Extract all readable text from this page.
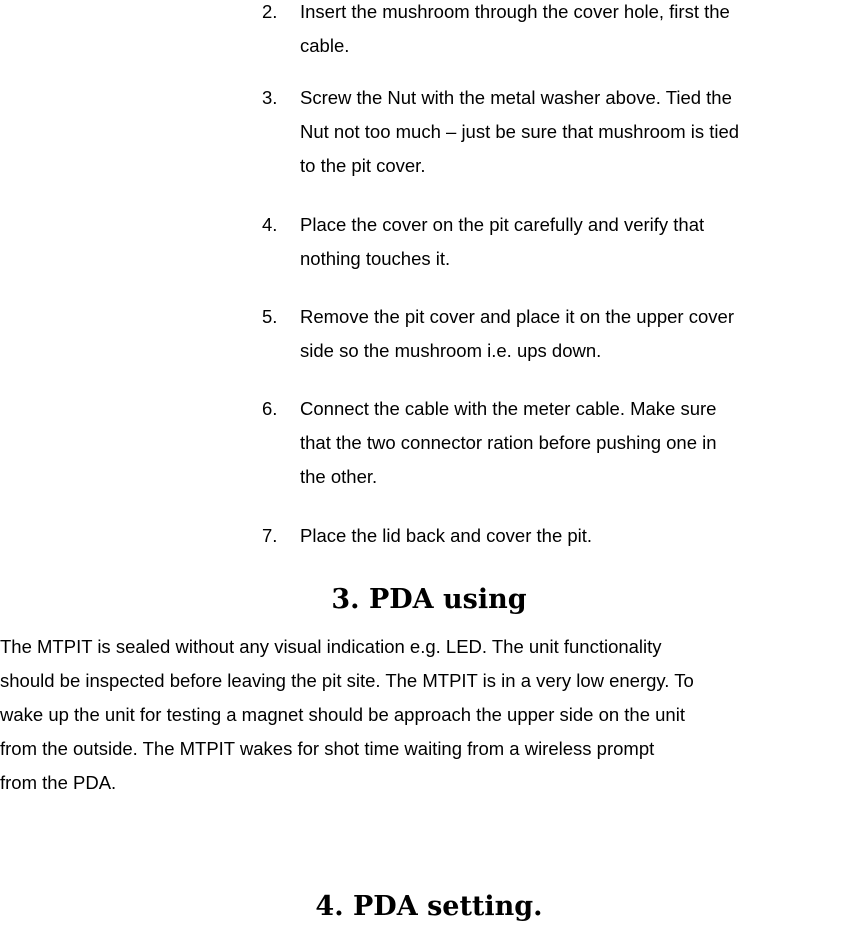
2. Insert the mushroom through the cover hole, first the
cable.
3. Screw the Nut with the metal washer above. Tied the
Nut not too much – just be sure that mushroom is tied
to the pit cover.
4. Place the cover on the pit carefully and verify that
nothing touches it.
5. Remove the pit cover and place it on the upper cover
side so the mushroom i.e. ups down.
6. Connect the cable with the meter cable. Make sure
that the two connector ration before pushing one in
the other.
7. Place the lid back and cover the pit.
3. PDA using
The MTPIT is sealed without any visual indication e.g. LED. The unit functionality
should be inspected before leaving the pit site. The MTPIT is in a very low energy. To
wake up the unit for testing a magnet should be approach the upper side on the unit
from the outside. The MTPIT wakes for shot time waiting from a wireless prompt
from the PDA.
4. PDA setting.
